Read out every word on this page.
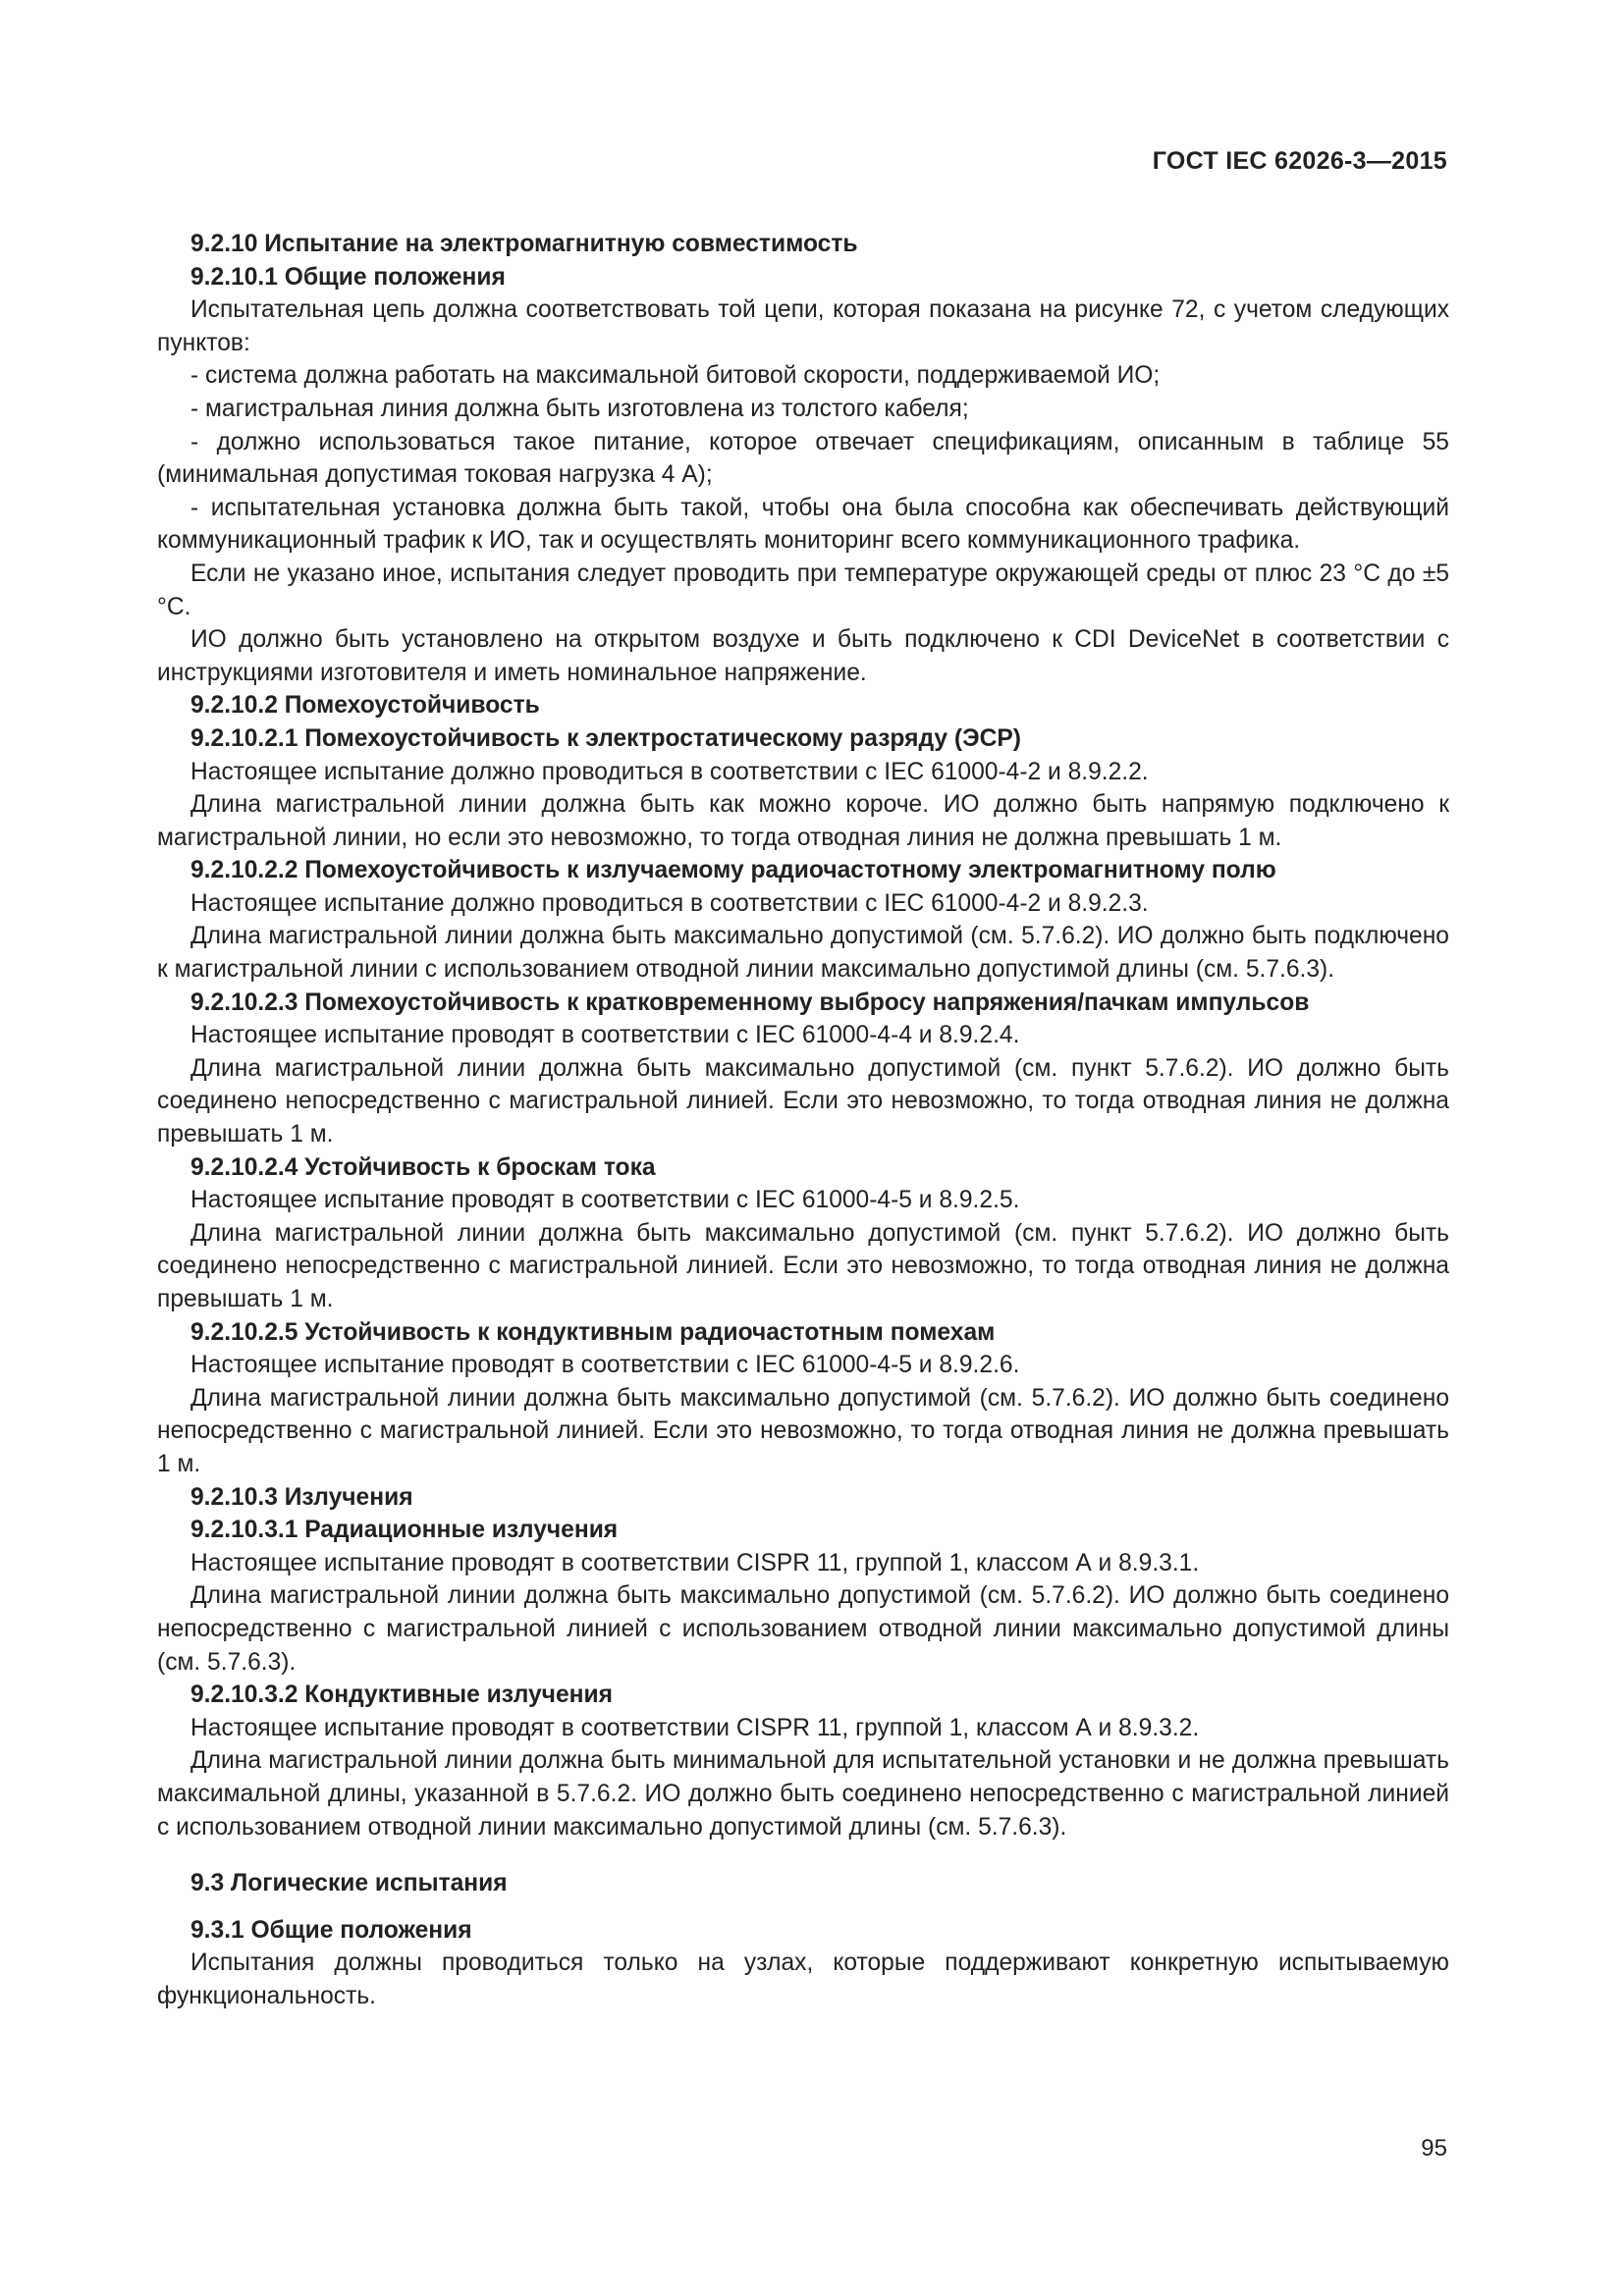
ГОСТ IEC 62026-3—2015

9.2.10 Испытание на электромагнитную совместимость

9.2.10.1 Общие положения

Испытательная цепь должна соответствовать той цепи, которая показана на рисунке 72, с учетом следующих пунктов:

- система должна работать на максимальной битовой скорости, поддерживаемой ИО;

- магистральная линия должна быть изготовлена из толстого кабеля;

- должно использоваться такое питание, которое отвечает спецификациям, описанным в таблице 55 (минимальная допустимая токовая нагрузка 4 А);

- испытательная установка должна быть такой, чтобы она была способна как обеспечивать действующий коммуникационный трафик к ИО, так и осуществлять мониторинг всего коммуникационного трафика.

Если не указано иное, испытания следует проводить при температуре окружающей среды от плюс 23 °C до ±5 °C.

ИО должно быть установлено на открытом воздухе и быть подключено к CDI DeviceNet в соответствии с инструкциями изготовителя и иметь номинальное напряжение.

9.2.10.2 Помехоустойчивость

9.2.10.2.1 Помехоустойчивость к электростатическому разряду (ЭСР)

Настоящее испытание должно проводиться в соответствии с IEC 61000-4-2 и 8.9.2.2.

Длина магистральной линии должна быть как можно короче. ИО должно быть напрямую подключено к магистральной линии, но если это невозможно, то тогда отводная линия не должна превышать 1 м.

9.2.10.2.2 Помехоустойчивость к излучаемому радиочастотному электромагнитному полю

Настоящее испытание должно проводиться в соответствии с IEC 61000-4-2 и 8.9.2.3.

Длина магистральной линии должна быть максимально допустимой (см. 5.7.6.2). ИО должно быть подключено к магистральной линии с использованием отводной линии максимально допустимой длины (см. 5.7.6.3).

9.2.10.2.3 Помехоустойчивость к кратковременному выбросу напряжения/пачкам импульсов

Настоящее испытание проводят в соответствии с IEC 61000-4-4 и 8.9.2.4.

Длина магистральной линии должна быть максимально допустимой (см. пункт 5.7.6.2). ИО должно быть соединено непосредственно с магистральной линией. Если это невозможно, то тогда отводная линия не должна превышать 1 м.

9.2.10.2.4 Устойчивость к броскам тока

Настоящее испытание проводят в соответствии с IEC 61000-4-5 и 8.9.2.5.

Длина магистральной линии должна быть максимально допустимой (см. пункт 5.7.6.2). ИО должно быть соединено непосредственно с магистральной линией. Если это невозможно, то тогда отводная линия не должна превышать 1 м.

9.2.10.2.5 Устойчивость к кондуктивным радиочастотным помехам

Настоящее испытание проводят в соответствии с IEC 61000-4-5 и 8.9.2.6.

Длина магистральной линии должна быть максимально допустимой (см. 5.7.6.2). ИО должно быть соединено непосредственно с магистральной линией. Если это невозможно, то тогда отводная линия не должна превышать 1 м.

9.2.10.3 Излучения

9.2.10.3.1 Радиационные излучения

Настоящее испытание проводят в соответствии CISPR 11, группой 1, классом А и 8.9.3.1.

Длина магистральной линии должна быть максимально допустимой (см. 5.7.6.2). ИО должно быть соединено непосредственно с магистральной линией с использованием отводной линии максимально допустимой длины (см. 5.7.6.3).

9.2.10.3.2 Кондуктивные излучения

Настоящее испытание проводят в соответствии CISPR 11, группой 1, классом А и 8.9.3.2.

Длина магистральной линии должна быть минимальной для испытательной установки и не должна превышать максимальной длины, указанной в 5.7.6.2. ИО должно быть соединено непосредственно с магистральной линией с использованием отводной линии максимально допустимой длины (см. 5.7.6.3).

9.3 Логические испытания

9.3.1 Общие положения

Испытания должны проводиться только на узлах, которые поддерживают конкретную испытываемую функциональность.

95
